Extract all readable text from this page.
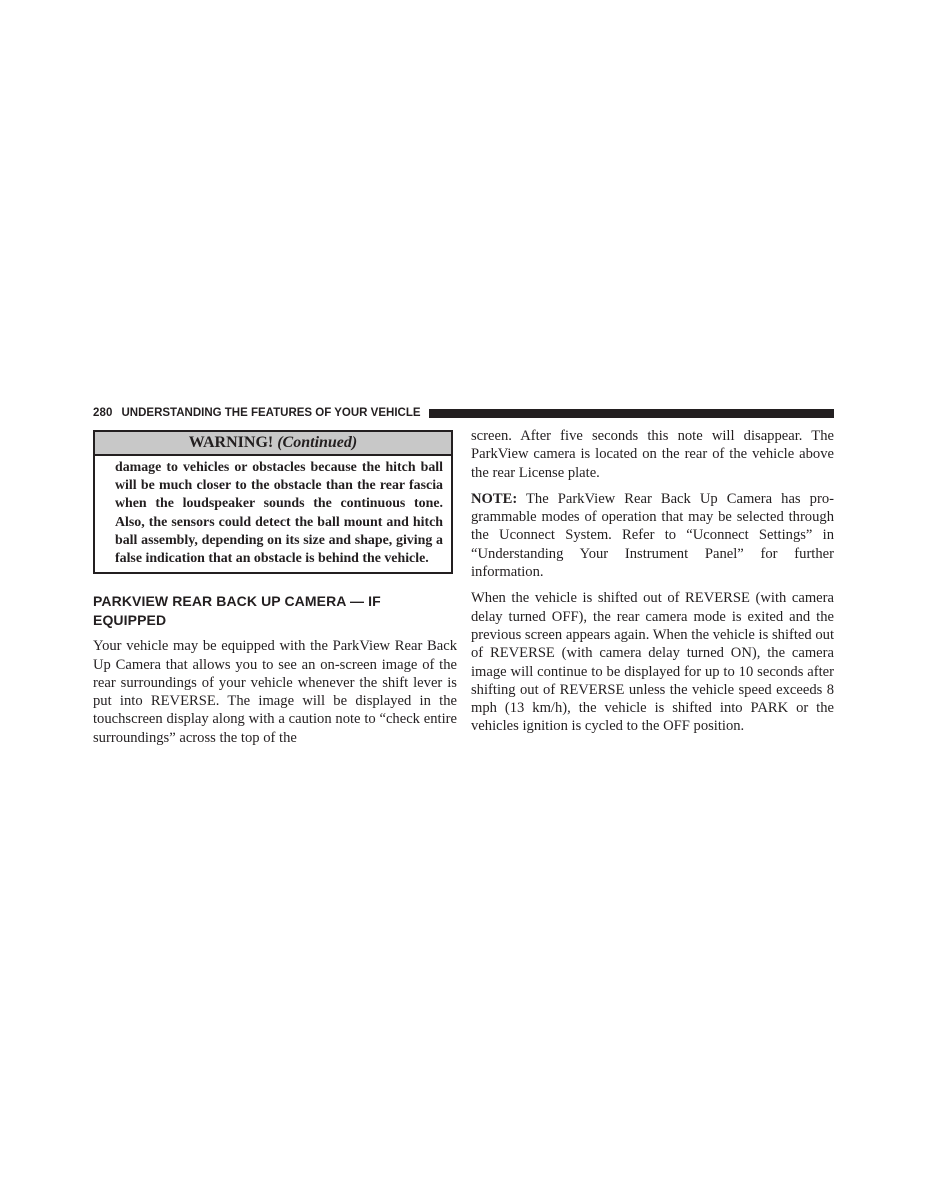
280 UNDERSTANDING THE FEATURES OF YOUR VEHICLE
WARNING! (Continued)
damage to vehicles or obstacles because the hitch ball will be much closer to the obstacle than the rear fascia when the loudspeaker sounds the continuous tone. Also, the sensors could detect the ball mount and hitch ball assembly, depending on its size and shape, giving a false indication that an obstacle is behind the vehicle.
PARKVIEW REAR BACK UP CAMERA — IF EQUIPPED

Your vehicle may be equipped with the ParkView Rear Back Up Camera that allows you to see an on-screen image of the rear surroundings of your vehicle whenever the shift lever is put into REVERSE. The image will be displayed in the touchscreen display along with a caution note to “check entire surroundings” across the top of the

screen. After five seconds this note will disappear. The ParkView camera is located on the rear of the vehicle above the rear License plate.

NOTE: The ParkView Rear Back Up Camera has programmable modes of operation that may be selected through the Uconnect System. Refer to “Uconnect Settings” in “Understanding Your Instrument Panel” for further information.

When the vehicle is shifted out of REVERSE (with camera delay turned OFF), the rear camera mode is exited and the previous screen appears again. When the vehicle is shifted out of REVERSE (with camera delay turned ON), the camera image will continue to be displayed for up to 10 seconds after shifting out of REVERSE unless the vehicle speed exceeds 8 mph (13 km/h), the vehicle is shifted into PARK or the vehicles ignition is cycled to the OFF position.
